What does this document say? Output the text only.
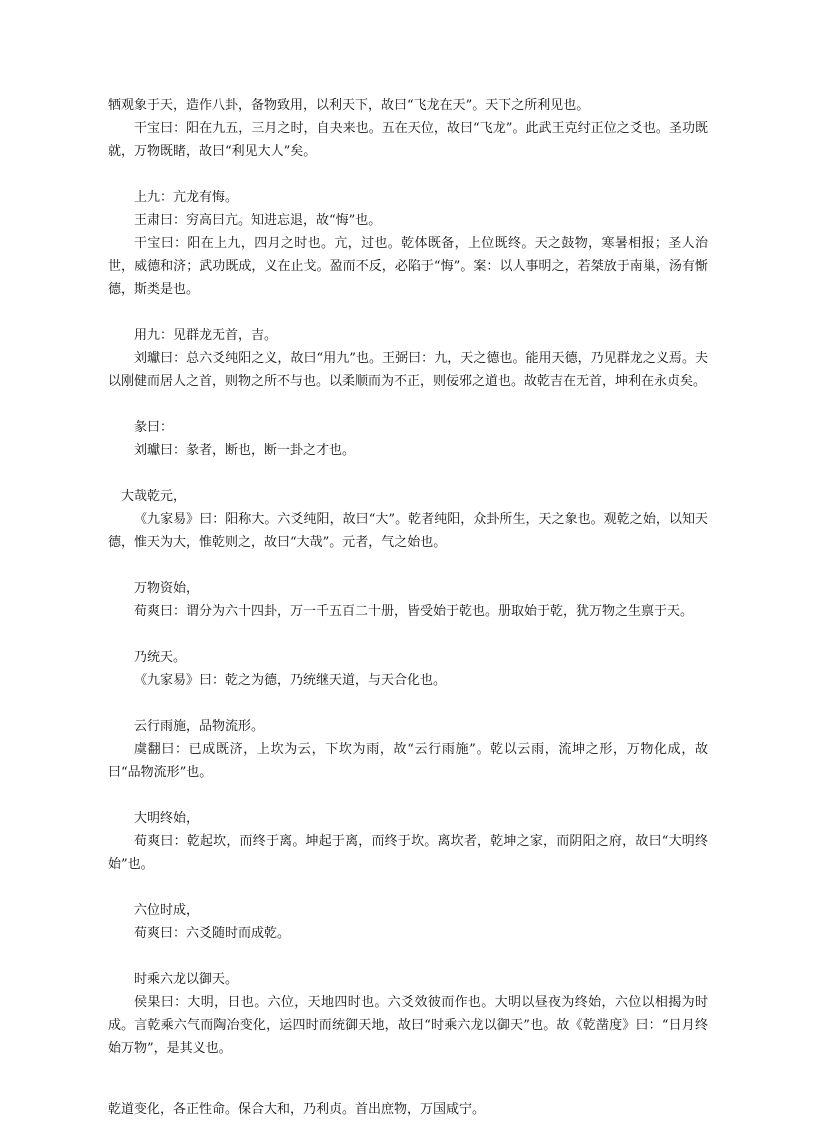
牺观象于天，造作八卦，备物致用，以利天下，故曰“飞龙在天”。天下之所利见也。

干宝曰：阳在九五，三月之时，自夬来也。五在天位，故曰“飞龙”。此武王克纣正位之爻也。圣功既就，万物既睹，故曰“利见大人”矣。

上九：亢龙有悔。

王肃曰：穷高曰亢。知进忘退，故“悔”也。

干宝曰：阳在上九，四月之时也。亢，过也。乾体既备，上位既终。天之鼓物，寒暑相报；圣人治世，威德和济；武功既成，义在止戈。盈而不反，必陷于“悔”。案：以人事明之，若桀放于南巢，汤有惭德，斯类是也。

用九：见群龙无首，吉。

刘瓛曰：总六爻纯阳之义，故曰“用九”也。王弼曰：九，天之德也。能用天德，乃见群龙之义焉。夫以刚健而居人之首，则物之所不与也。以柔顺而为不正，则佞邪之道也。故乾吉在无首，坤利在永贞矣。

彖曰：

刘瓛曰：彖者，断也，断一卦之才也。

大哉乾元，

《九家易》曰：阳称大。六爻纯阳，故曰“大”。乾者纯阳，众卦所生，天之象也。观乾之始，以知天德，惟天为大，惟乾则之，故曰“大哉”。元者，气之始也。

万物资始，

荀爽曰：谓分为六十四卦，万一千五百二十册，皆受始于乾也。册取始于乾，犹万物之生禀于天。

乃统天。

《九家易》曰：乾之为德，乃统继天道，与天合化也。

云行雨施，品物流形。

虞翻曰：已成既济，上坎为云，下坎为雨，故“云行雨施”。乾以云雨，流坤之形，万物化成，故曰“品物流形”也。

大明终始，

荀爽曰：乾起坎，而终于离。坤起于离，而终于坎。离坎者，乾坤之家，而阴阳之府，故曰“大明终始”也。

六位时成，

荀爽曰：六爻随时而成乾。

时乘六龙以御天。

侯果曰：大明，日也。六位，天地四时也。六爻效彼而作也。大明以昼夜为终始，六位以相揭为时成。言乾乘六气而陶冶变化，运四时而统御天地，故曰“时乘六龙以御天”也。故《乾凿度》曰：“日月终始万物”，是其义也。

乾道变化，各正性命。保合大和，乃利贞。首出庶物，万国咸宁。
